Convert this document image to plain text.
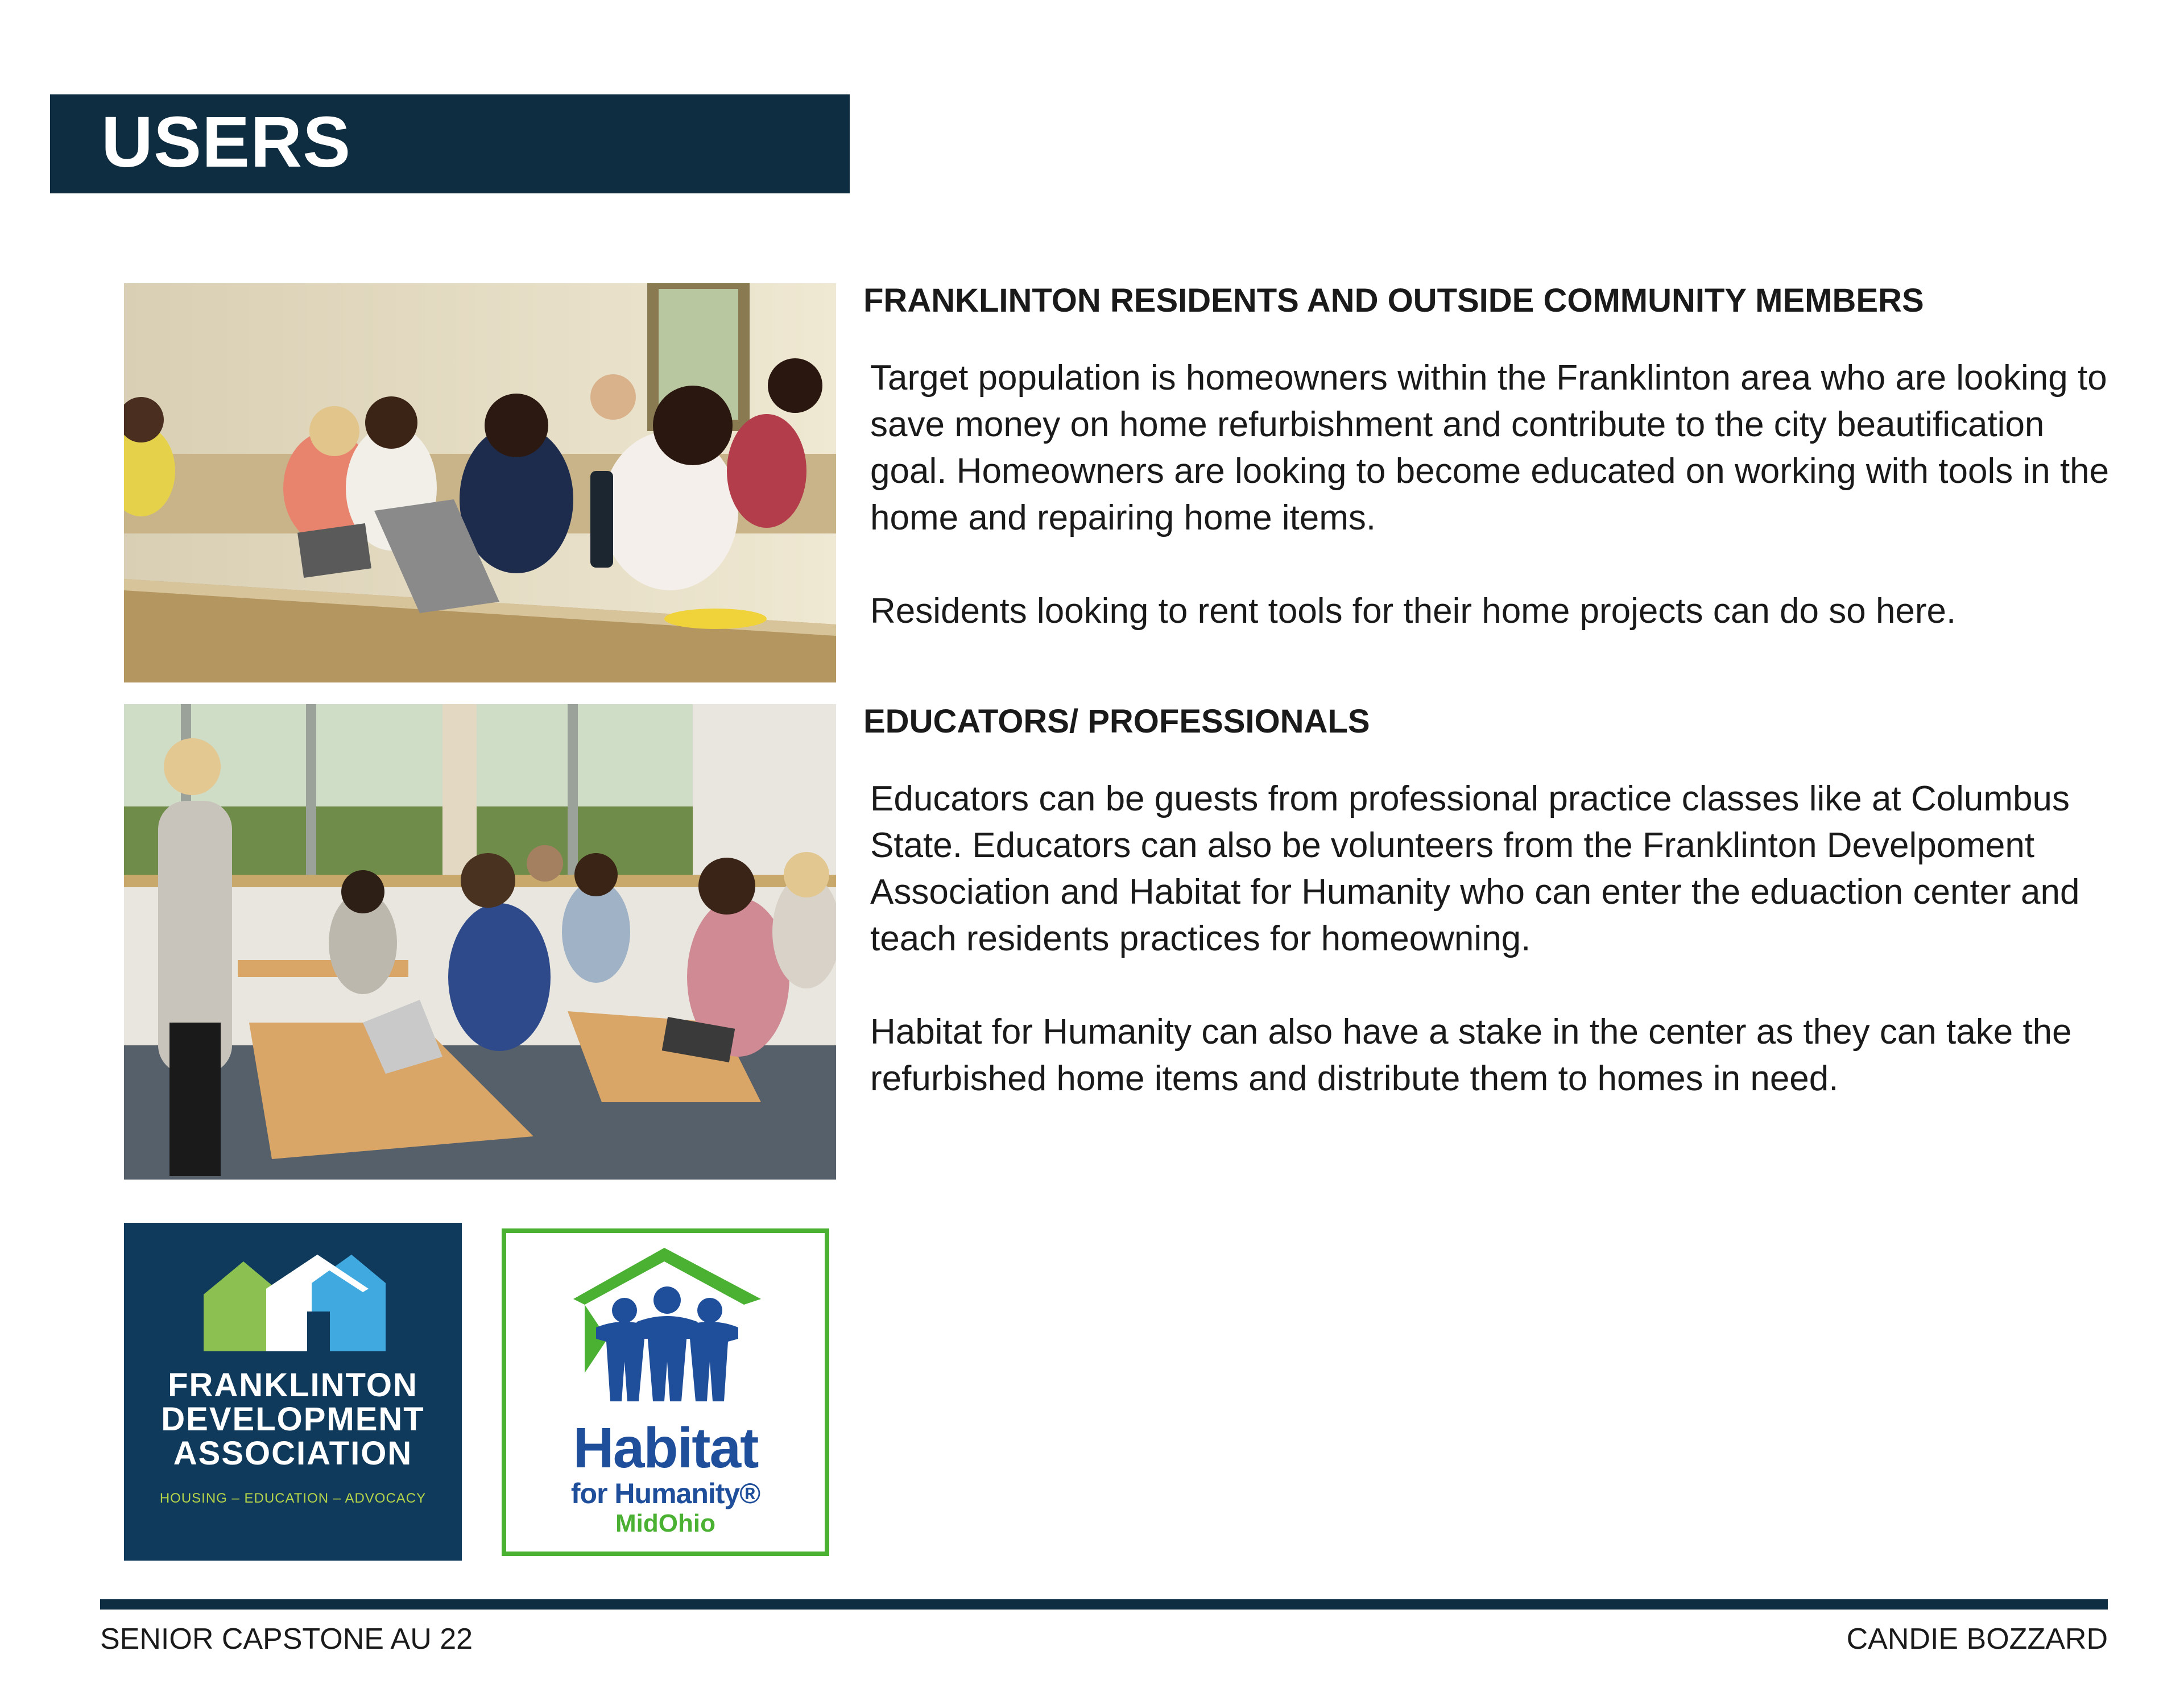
USERS
FRANKLINTON RESIDENTS AND OUTSIDE COMMUNITY MEMBERS

Target population is homeowners within the Franklinton area who are looking to save money on home refurbishment and contribute to the city beautification goal. Homeowners are looking to become educated on working with tools in the home and repairing home items.

Residents looking to rent tools for their home projects can do so here.

EDUCATORS/ PROFESSIONALS

Educators can be guests from professional practice classes like at Columbus State. Educators can also be volunteers from the Franklinton Develpoment Association and Habitat for Humanity who can enter the eduaction center and teach residents practices for homeowning.

Habitat for Humanity can also have a stake in the center as they can take the refurbished home items and distribute them to homes in need.

FRANKLINTON
DEVELOPMENT
ASSOCIATION
HOUSING – EDUCATION – ADVOCACY
Habitat
for Humanity®
MidOhio
SENIOR CAPSTONE AU 22	CANDIE BOZZARD
